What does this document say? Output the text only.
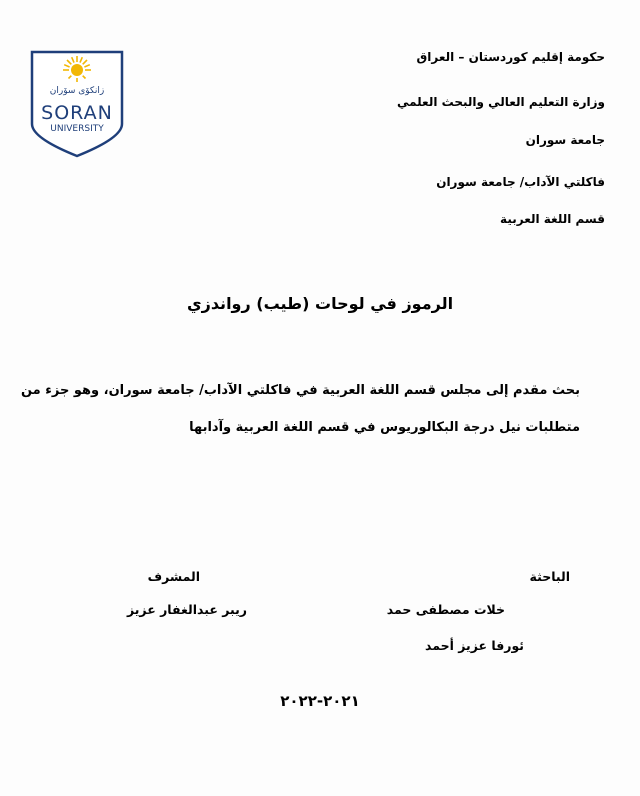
زانكۆی سۆران
SORAN
UNIVERSITY
حكومة إقليم كوردستان – العراق
وزارة التعليم العالي والبحث العلمي
جامعة سوران
فاكلتي الآداب/ جامعة سوران
قسم اللغة العربية
الرموز في لوحات (طيب) رواندزي
بحث مقدم إلى مجلس قسم اللغة العربية في فاكلتي الآداب/ جامعة سوران، وهو جزء من
متطلبات نيل درجة البكالوريوس في قسم اللغة العربية وآدابها
الباحثة
المشرف
خلات مصطفى حمد
ئورفا عزيز أحمد
ريبر عبدالغفار عزيز
٢٠٢١-٢٠٢٢
